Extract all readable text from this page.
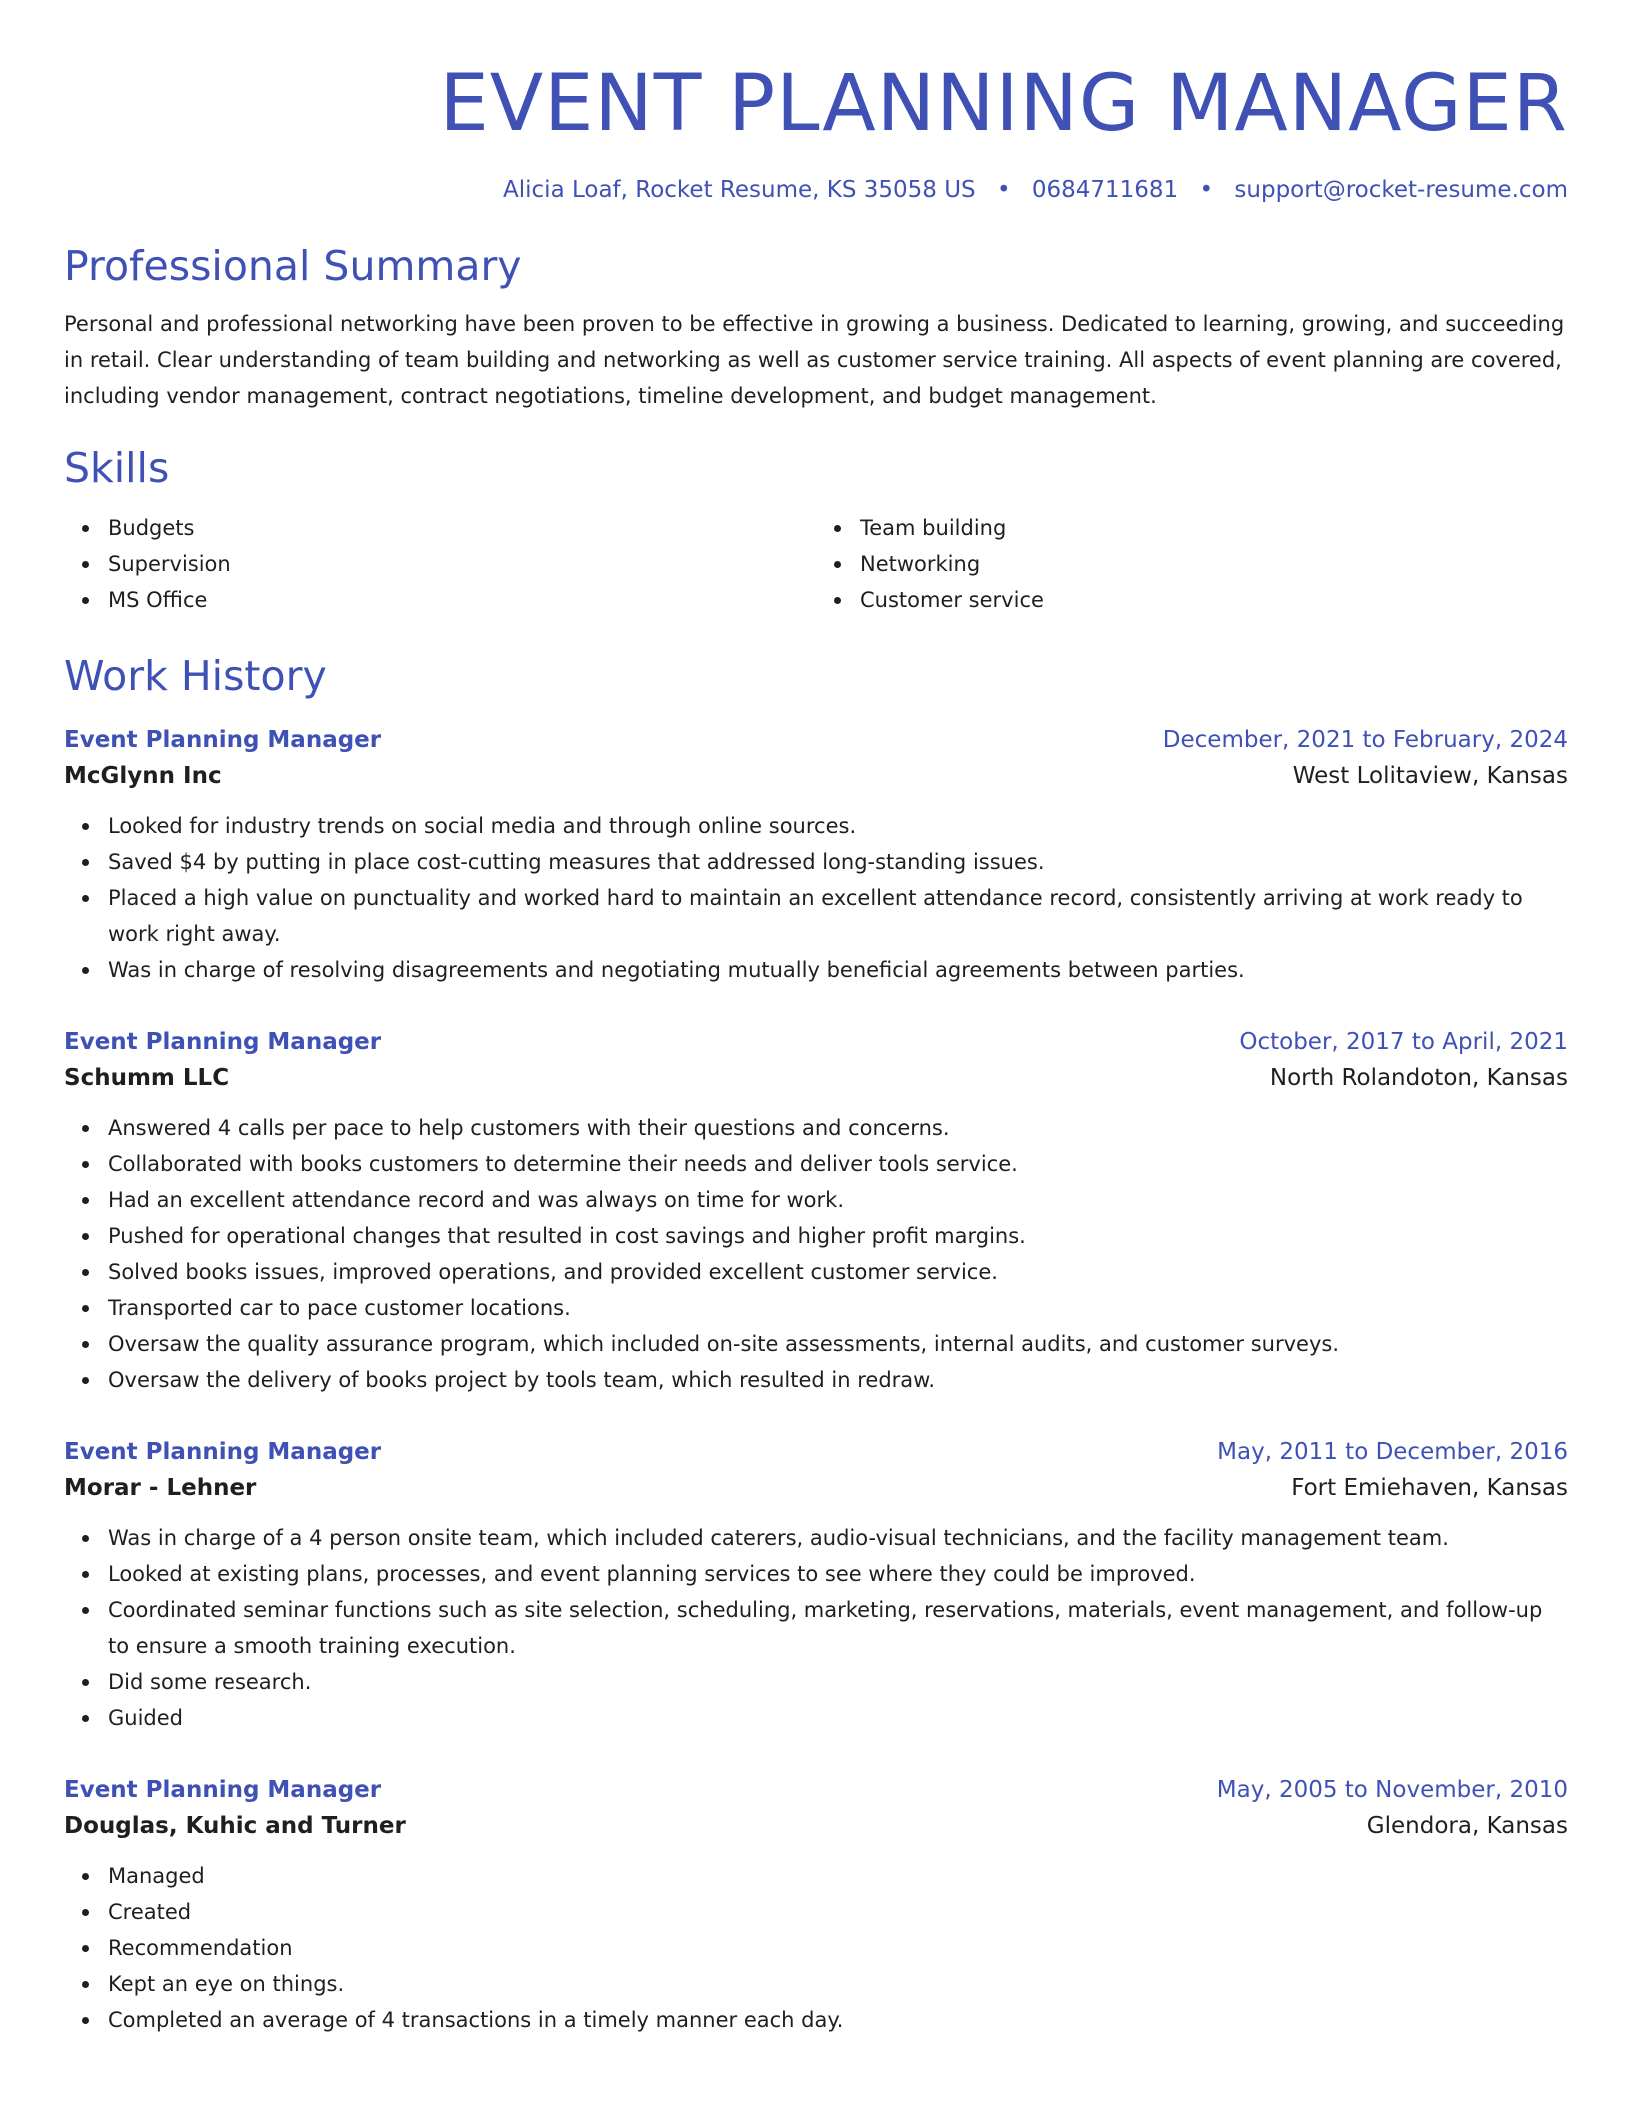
EVENT PLANNING MANAGER
Alicia Loaf, Rocket Resume, KS 35058 US • 0684711681 • support@rocket-resume.com
Professional Summary

Personal and professional networking have been proven to be effective in growing a business. Dedicated to learning, growing, and succeeding in retail. Clear understanding of team building and networking as well as customer service training. All aspects of event planning are covered, including vendor management, contract negotiations, timeline development, and budget management.

Skills
Budgets
Supervision
MS Office
Team building
Networking
Customer service
Work History
Event Planning Manager	December, 2021 to February, 2024
McGlynn Inc	West Lolitaview, Kansas
Looked for industry trends on social media and through online sources.
Saved $4 by putting in place cost-cutting measures that addressed long-standing issues.
Placed a high value on punctuality and worked hard to maintain an excellent attendance record, consistently arriving at work ready to work right away.
Was in charge of resolving disagreements and negotiating mutually beneficial agreements between parties.
Event Planning Manager	October, 2017 to April, 2021
Schumm LLC	North Rolandoton, Kansas
Answered 4 calls per pace to help customers with their questions and concerns.
Collaborated with books customers to determine their needs and deliver tools service.
Had an excellent attendance record and was always on time for work.
Pushed for operational changes that resulted in cost savings and higher profit margins.
Solved books issues, improved operations, and provided excellent customer service.
Transported car to pace customer locations.
Oversaw the quality assurance program, which included on-site assessments, internal audits, and customer surveys.
Oversaw the delivery of books project by tools team, which resulted in redraw.
Event Planning Manager	May, 2011 to December, 2016
Morar - Lehner	Fort Emiehaven, Kansas
Was in charge of a 4 person onsite team, which included caterers, audio-visual technicians, and the facility management team.
Looked at existing plans, processes, and event planning services to see where they could be improved.
Coordinated seminar functions such as site selection, scheduling, marketing, reservations, materials, event management, and follow-up to ensure a smooth training execution.
Did some research.
Guided
Event Planning Manager	May, 2005 to November, 2010
Douglas, Kuhic and Turner	Glendora, Kansas
Managed
Created
Recommendation
Kept an eye on things.
Completed an average of 4 transactions in a timely manner each day.
